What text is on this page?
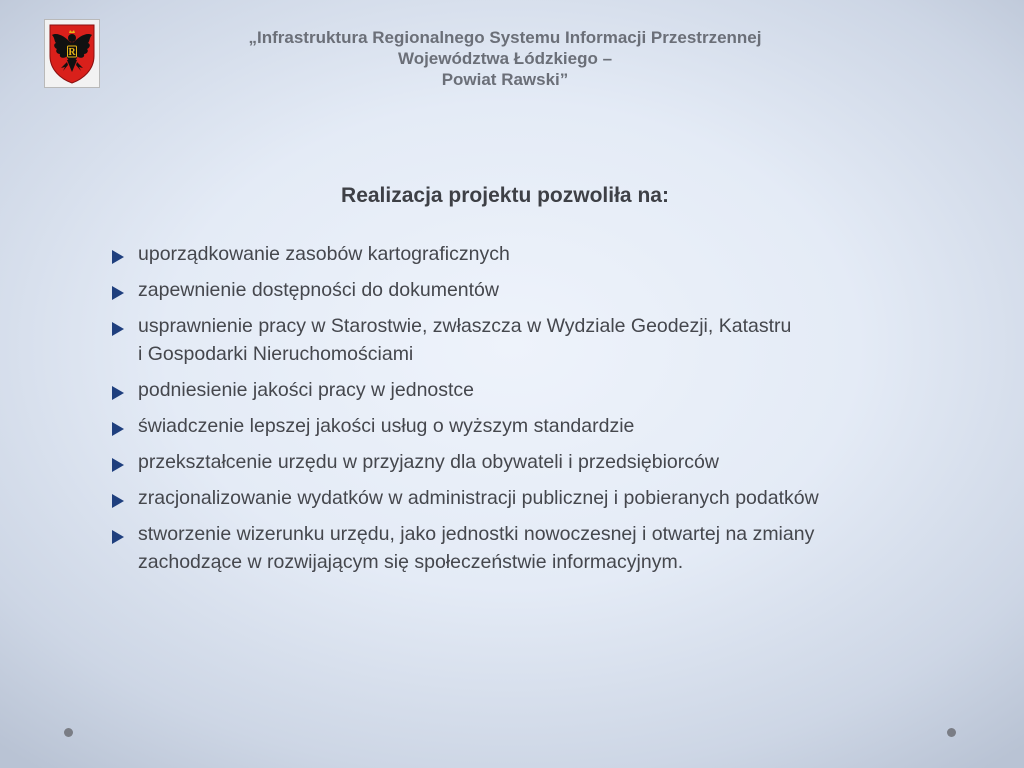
R
„Infrastruktura Regionalnego Systemu Informacji Przestrzennej
Województwa Łódzkiego –
Powiat Rawski”
Realizacja projektu pozwoliła na:
uporządkowanie zasobów kartograficznych
zapewnienie dostępności do dokumentów
usprawnienie pracy w Starostwie, zwłaszcza w Wydziale Geodezji, Katastru
i Gospodarki Nieruchomościami
podniesienie jakości pracy w jednostce
świadczenie lepszej jakości usług o wyższym standardzie
przekształcenie urzędu w przyjazny dla obywateli i przedsiębiorców
zracjonalizowanie wydatków w administracji publicznej i pobieranych podatków
stworzenie wizerunku urzędu, jako jednostki nowoczesnej i otwartej na zmiany
zachodzące w rozwijającym się społeczeństwie informacyjnym.
